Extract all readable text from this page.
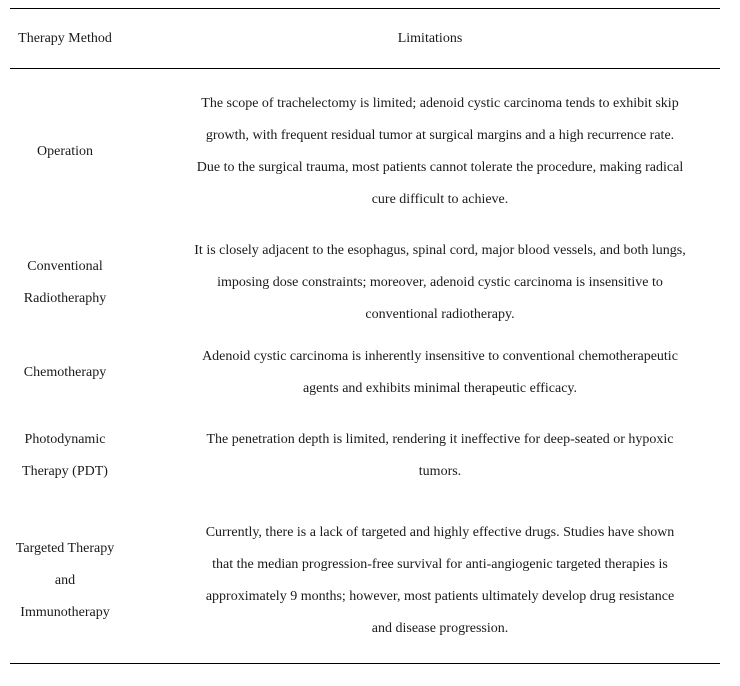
Therapy Method	Limitations
Operation
The scope of trachelectomy is limited; adenoid cystic carcinoma tends to exhibit skip
growth, with frequent residual tumor at surgical margins and a high recurrence rate.
Due to the surgical trauma, most patients cannot tolerate the procedure, making radical
cure difficult to achieve.
Conventional
Radiotheraphy
It is closely adjacent to the esophagus, spinal cord, major blood vessels, and both lungs,
imposing dose constraints; moreover, adenoid cystic carcinoma is insensitive to
conventional radiotherapy.
Chemotherapy
Adenoid cystic carcinoma is inherently insensitive to conventional chemotherapeutic
agents and exhibits minimal therapeutic efficacy.
Photodynamic
Therapy (PDT)
The penetration depth is limited, rendering it ineffective for deep-seated or hypoxic
tumors.
Targeted Therapy
and
Immunotherapy
Currently, there is a lack of targeted and highly effective drugs. Studies have shown
that the median progression-free survival for anti-angiogenic targeted therapies is
approximately 9 months; however, most patients ultimately develop drug resistance
and disease progression.
